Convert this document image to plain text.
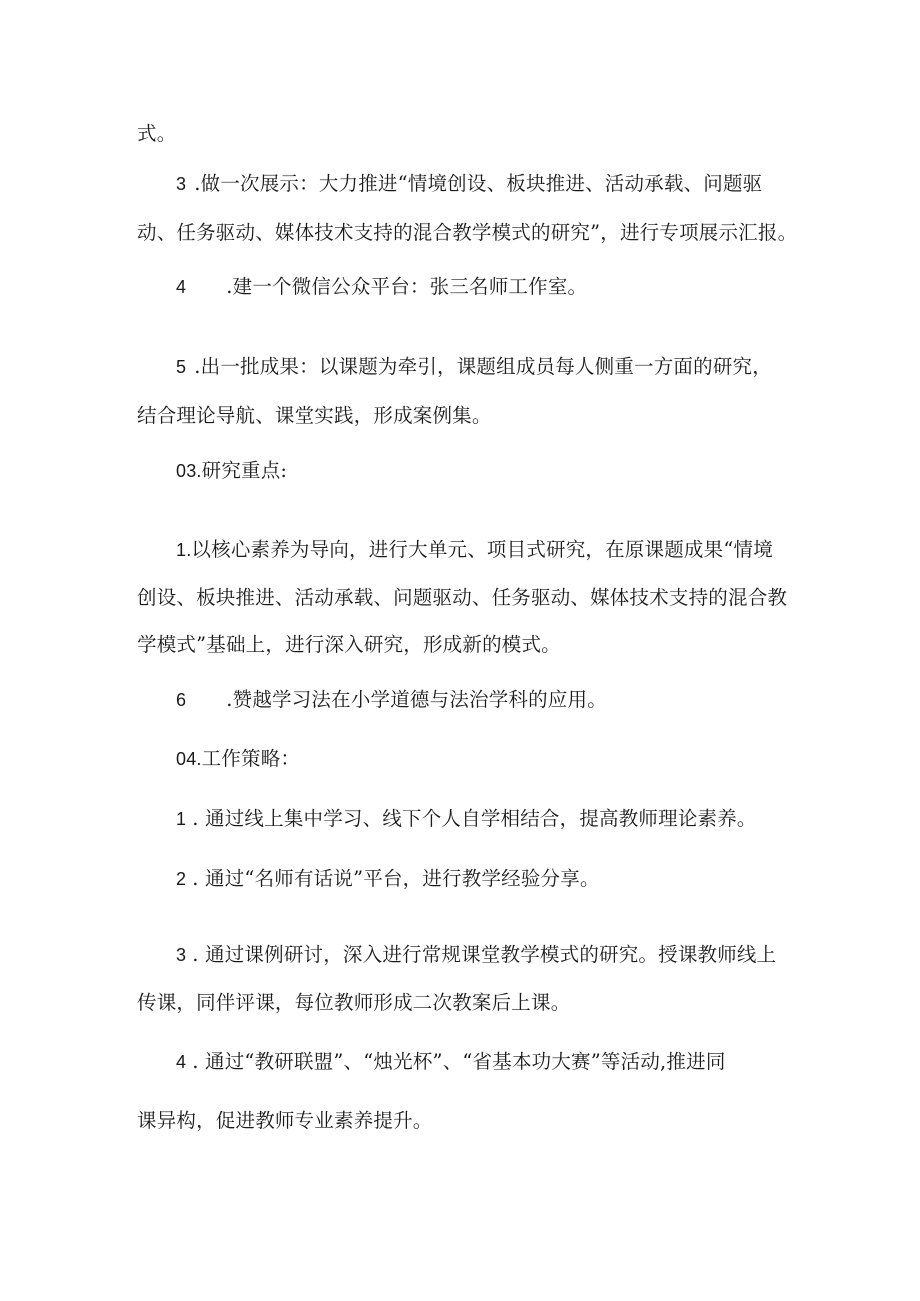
式。
3 .做一次展示：大力推进“情境创设、板块推进、活动承载、问题驱
动、任务驱动、媒体技术支持的混合教学模式的研究”，进行专项展示汇报。
4 .建一个微信公众平台：张三名师工作室。
5 .出一批成果：以课题为牵引，课题组成员每人侧重一方面的研究，
结合理论导航、课堂实践，形成案例集。
03.研究重点:
1.以核心素养为导向，进行大单元、项目式研究，在原课题成果“情境
创设、板块推进、活动承载、问题驱动、任务驱动、媒体技术支持的混合教
学模式”基础上，进行深入研究，形成新的模式。
6 .赞越学习法在小学道德与法治学科的应用。
04.工作策略：
1 . 通过线上集中学习、线下个人自学相结合，提高教师理论素养。
2 . 通过“名师有话说”平台，进行教学经验分享。
3 . 通过课例研讨，深入进行常规课堂教学模式的研究。授课教师线上
传课，同伴评课，每位教师形成二次教案后上课。
4 . 通过“教研联盟”、“烛光杯”、“省基本功大赛”等活动,推进同
课异构，促进教师专业素养提升。
